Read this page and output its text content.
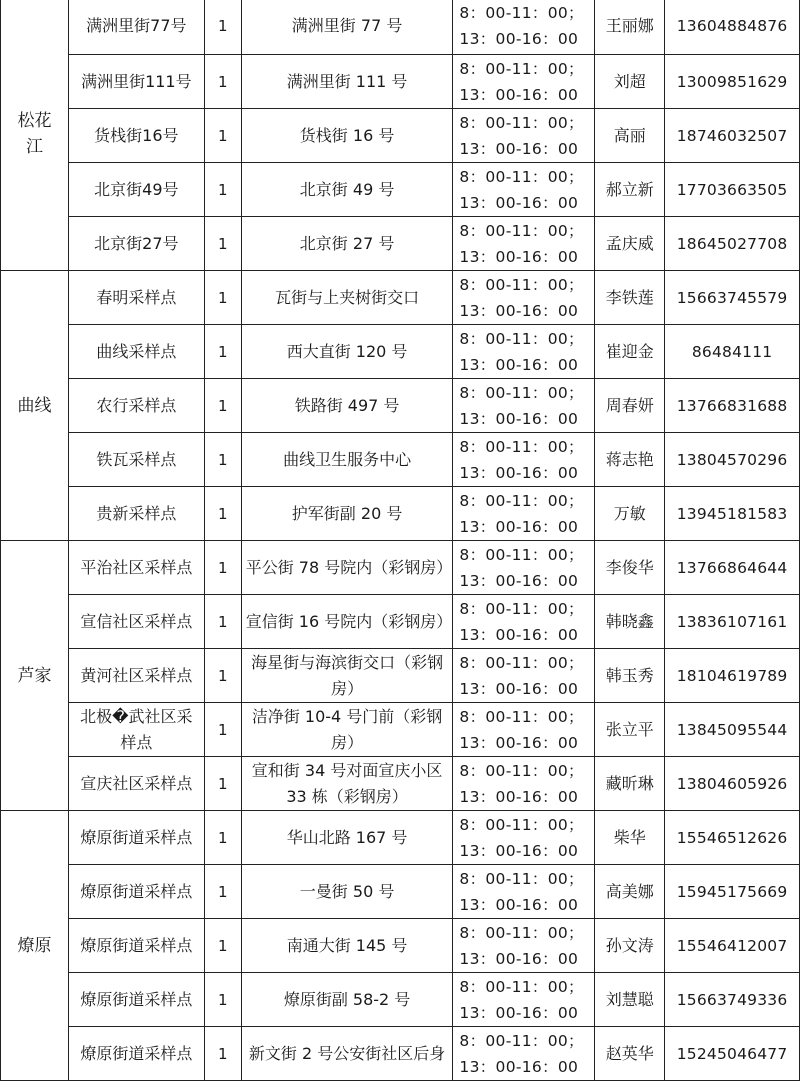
松花江	满洲里街77号	1	满洲里街 77 号	8：00-11：00；
13：00-16：00	王丽娜	13604884876
	满洲里街111号	1	满洲里街 111 号	8：00-11：00；
13：00-16：00	刘超	13009851629
	货栈街16号	1	货栈街 16 号	8：00-11：00；
13：00-16：00	高丽	18746032507
	北京街49号	1	北京街 49 号	8：00-11：00；
13：00-16：00	郝立新	17703663505
	北京街27号	1	北京街 27 号	8：00-11：00；
13：00-16：00	孟庆威	18645027708
曲线	春明采样点	1	瓦街与上夹树街交口	8：00-11：00；
13：00-16：00	李铁莲	15663745579
	曲线采样点	1	西大直街 120 号	8：00-11：00；
13：00-16：00	崔迎金	86484111
	农行采样点	1	铁路街 497 号	8：00-11：00；
13：00-16：00	周春妍	13766831688
	铁瓦采样点	1	曲线卫生服务中心	8：00-11：00；
13：00-16：00	蒋志艳	13804570296
	贵新采样点	1	护军街副 20 号	8：00-11：00；
13：00-16：00	万敏	13945181583
芦家	平治社区采样点	1	平公街 78 号院内（彩钢房）	8：00-11：00；
13：00-16：00	李俊华	13766864644
	宣信社区采样点	1	宣信街 16 号院内（彩钢房）	8：00-11：00；
13：00-16：00	韩晓鑫	13836107161
	黄河社区采样点	1	海星街与海滨街交口（彩钢房）	8：00-11：00；
13：00-16：00	韩玉秀	18104619789
	北极�武社区采样点	1	洁净街 10-4 号门前（彩钢房）	8：00-11：00；
13：00-16：00	张立平	13845095544
	宣庆社区采样点	1	宣和街 34 号对面宣庆小区 33 栋（彩钢房）	8：00-11：00；
13：00-16：00	藏昕琳	13804605926
燎原	燎原街道采样点	1	华山北路 167 号	8：00-11：00；
13：00-16：00	柴华	15546512626
	燎原街道采样点	1	一曼街 50 号	8：00-11：00；
13：00-16：00	高美娜	15945175669
	燎原街道采样点	1	南通大街 145 号	8：00-11：00；
13：00-16：00	孙文涛	15546412007
	燎原街道采样点	1	燎原街副 58-2 号	8：00-11：00；
13：00-16：00	刘慧聪	15663749336
	燎原街道采样点	1	新文街 2 号公安街社区后身	8：00-11：00；
13：00-16：00	赵英华	15245046477
